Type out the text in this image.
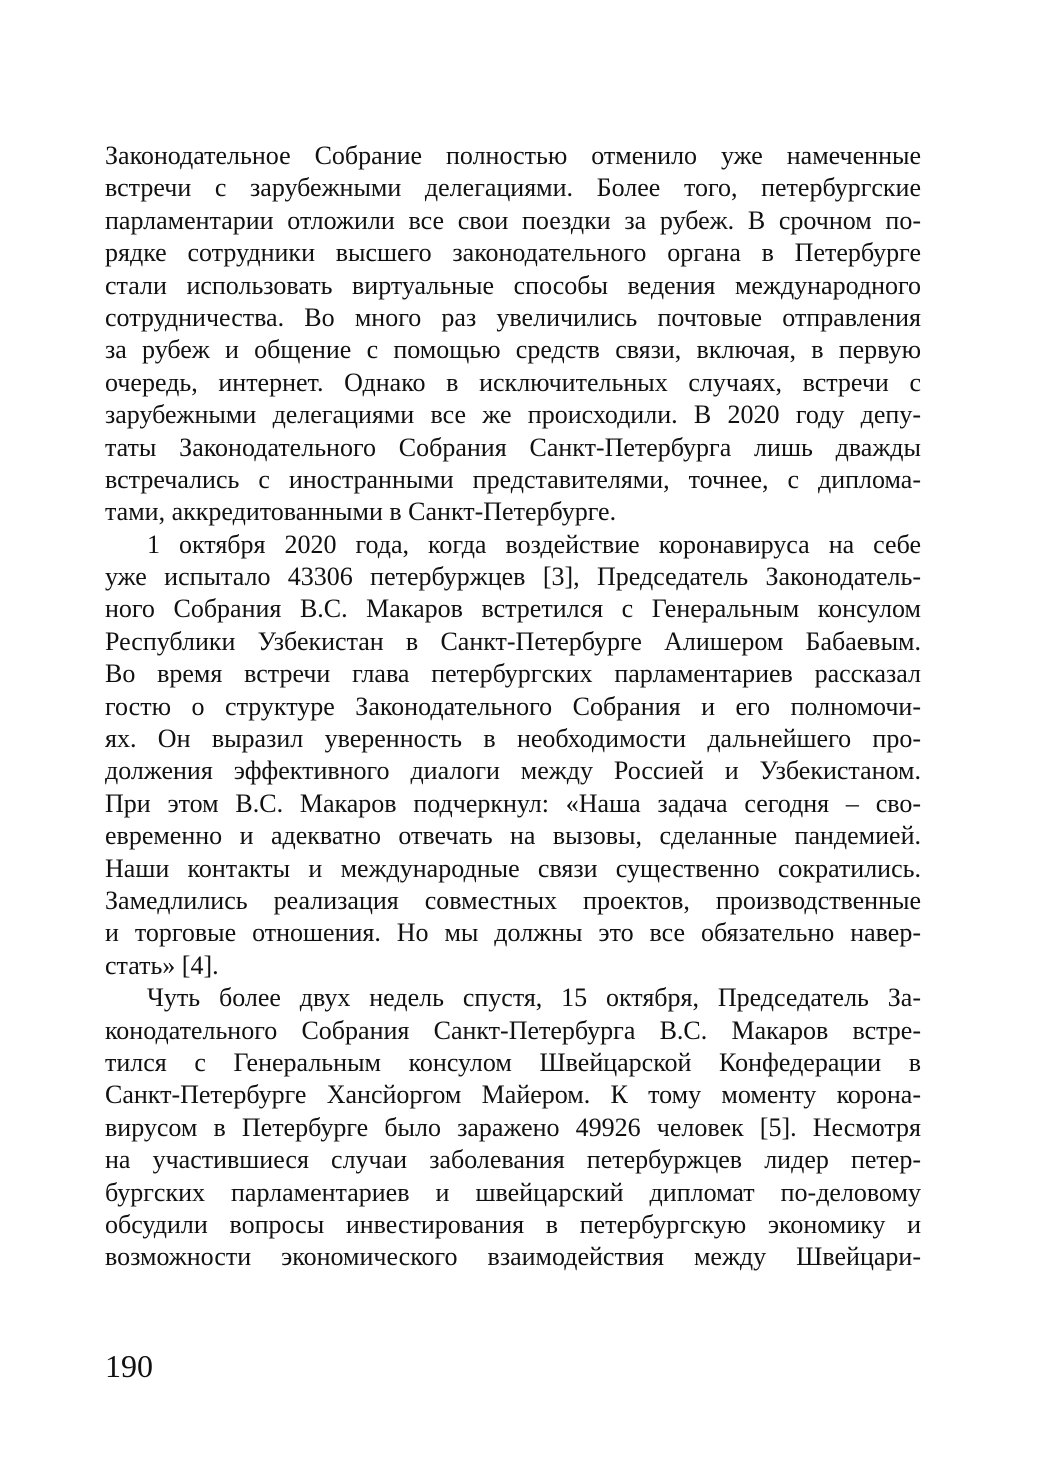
Законодательное Собрание полностью отменило уже намеченные
встречи с зарубежными делегациями. Более того, петербургские
парламентарии отложили все свои поездки за рубеж. В срочном по-
рядке сотрудники высшего законодательного органа в Петербурге
стали использовать виртуальные способы ведения международного
сотрудничества. Во много раз увеличились почтовые отправления
за рубеж и общение с помощью средств связи, включая, в первую
очередь, интернет. Однако в исключительных случаях, встречи с
зарубежными делегациями все же происходили. В 2020 году депу-
таты Законодательного Собрания Санкт-Петербурга лишь дважды
встречались с иностранными представителями, точнее, с диплома-
тами, аккредитованными в Санкт-Петербурге.
1 октября 2020 года, когда воздействие коронавируса на себе
уже испытало 43306 петербуржцев [3], Председатель Законодатель-
ного Собрания В.С. Макаров встретился с Генеральным консулом
Республики Узбекистан в Санкт-Петербурге Алишером Бабаевым.
Во время встречи глава петербургских парламентариев рассказал
гостю о структуре Законодательного Собрания и его полномочи-
ях. Он выразил уверенность в необходимости дальнейшего про-
должения эффективного диалоги между Россией и Узбекистаном.
При этом В.С. Макаров подчеркнул: «Наша задача сегодня – сво-
евременно и адекватно отвечать на вызовы, сделанные пандемией.
Наши контакты и международные связи существенно сократились.
Замедлились реализация совместных проектов, производственные
и торговые отношения. Но мы должны это все обязательно навер-
стать» [4].
Чуть более двух недель спустя, 15 октября, Председатель За-
конодательного Собрания Санкт-Петербурга В.С. Макаров встре-
тился с Генеральным консулом Швейцарской Конфедерации в
Санкт-Петербурге Хансйоргом Майером. К тому моменту корона-
вирусом в Петербурге было заражено 49926 человек [5]. Несмотря
на участившиеся случаи заболевания петербуржцев лидер петер-
бургских парламентариев и швейцарский дипломат по-деловому
обсудили вопросы инвестирования в петербургскую экономику и
возможности экономического взаимодействия между Швейцари-
190
